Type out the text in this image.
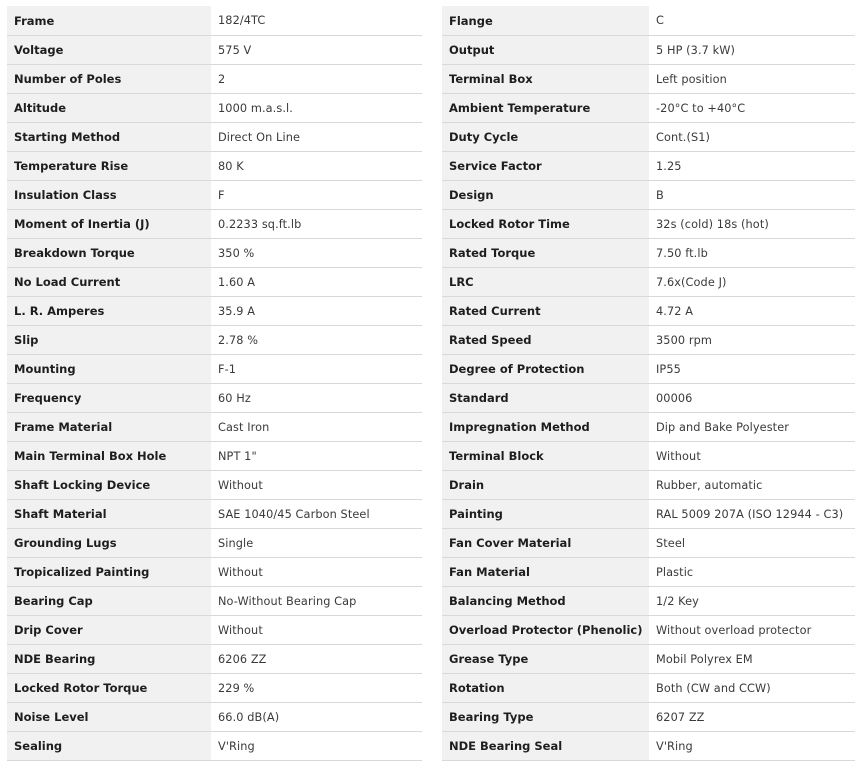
Frame	182/4TC
Voltage	575 V
Number of Poles	2
Altitude	1000 m.a.s.l.
Starting Method	Direct On Line
Temperature Rise	80 K
Insulation Class	F
Moment of Inertia (J)	0.2233 sq.ft.lb
Breakdown Torque	350 %
No Load Current	1.60 A
L. R. Amperes	35.9 A
Slip	2.78 %
Mounting	F-1
Frequency	60 Hz
Frame Material	Cast Iron
Main Terminal Box Hole	NPT 1"
Shaft Locking Device	Without
Shaft Material	SAE 1040/45 Carbon Steel
Grounding Lugs	Single
Tropicalized Painting	Without
Bearing Cap	No-Without Bearing Cap
Drip Cover	Without
NDE Bearing	6206 ZZ
Locked Rotor Torque	229 %
Noise Level	66.0 dB(A)
Sealing	V'Ring
Flange	C
Output	5 HP (3.7 kW)
Terminal Box	Left position
Ambient Temperature	-20°C to +40°C
Duty Cycle	Cont.(S1)
Service Factor	1.25
Design	B
Locked Rotor Time	32s (cold) 18s (hot)
Rated Torque	7.50 ft.lb
LRC	7.6x(Code J)
Rated Current	4.72 A
Rated Speed	3500 rpm
Degree of Protection	IP55
Standard	00006
Impregnation Method	Dip and Bake Polyester
Terminal Block	Without
Drain	Rubber, automatic
Painting	RAL 5009 207A (ISO 12944 - C3)
Fan Cover Material	Steel
Fan Material	Plastic
Balancing Method	1/2 Key
Overload Protector (Phenolic)	Without overload protector
Grease Type	Mobil Polyrex EM
Rotation	Both (CW and CCW)
Bearing Type	6207 ZZ
NDE Bearing Seal	V'Ring
